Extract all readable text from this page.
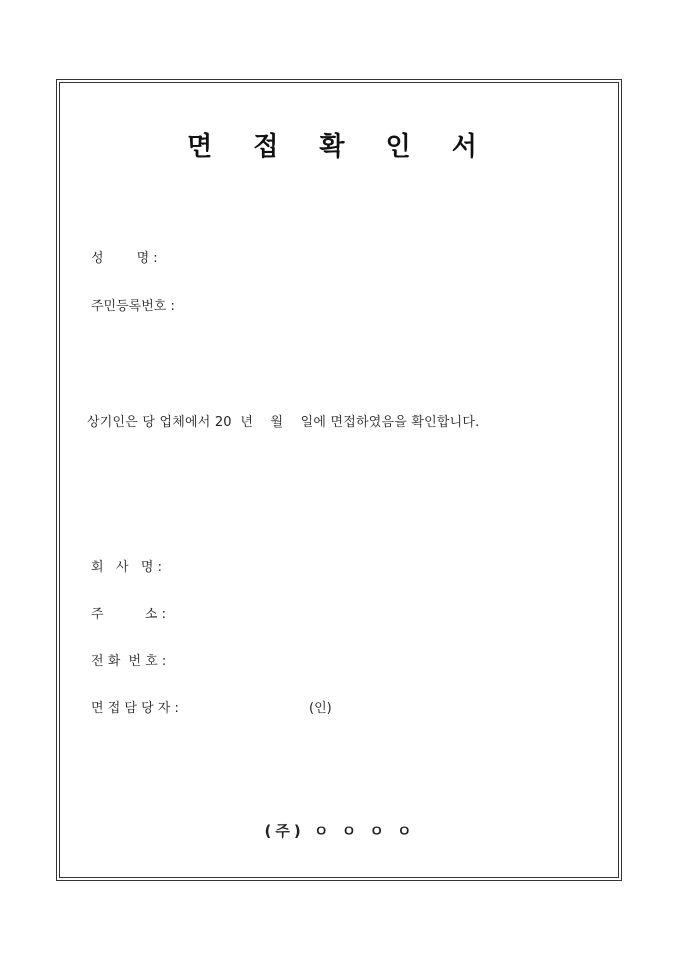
면 접 확 인 서
성        명 :
주민등록번호 :
상기인은 당 업체에서 20  년    월    일에 면접하였음을 확인합니다.
회   사   명 :
주          소 :
전 화  번 호 :
면 접 담 당 자 :	(인)
(주) ㅇ ㅇ ㅇ ㅇ
